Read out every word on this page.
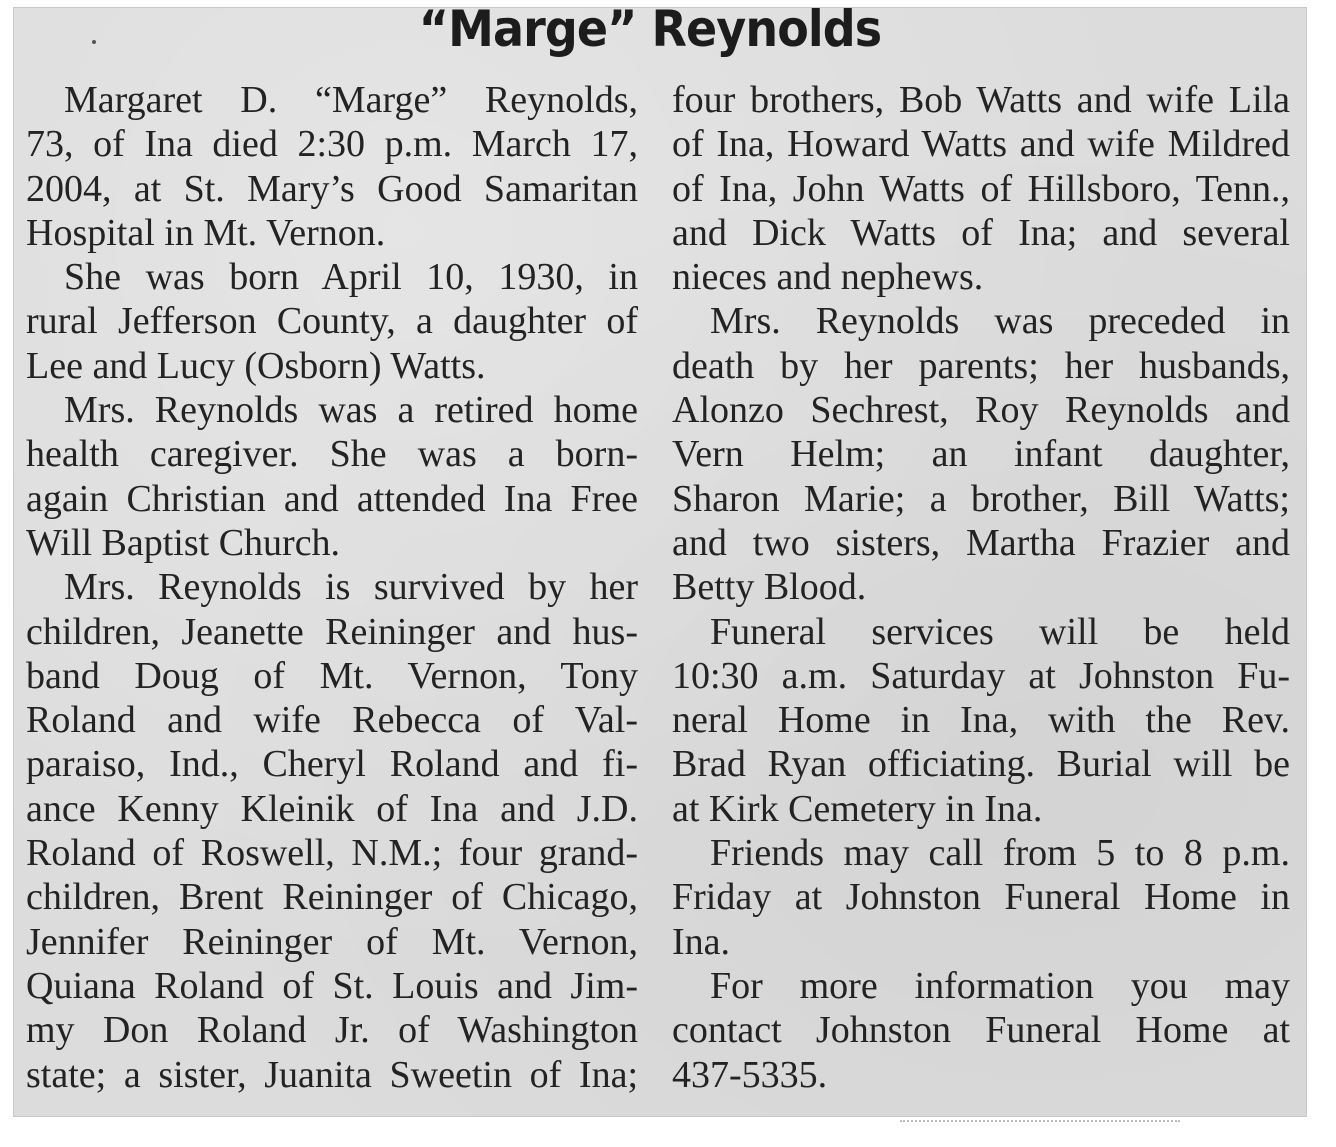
“Marge” Reynolds
Margaret D. “Marge” Reynolds,
73, of Ina died 2:30 p.m. March 17,
2004, at St. Mary’s Good Samaritan
Hospital in Mt. Vernon.
She was born April 10, 1930, in
rural Jefferson County, a daughter of
Lee and Lucy (Osborn) Watts.
Mrs. Reynolds was a retired home
health caregiver. She was a born-
again Christian and attended Ina Free
Will Baptist Church.
Mrs. Reynolds is survived by her
children, Jeanette Reininger and hus-
band Doug of Mt. Vernon, Tony
Roland and wife Rebecca of Val-
paraiso, Ind., Cheryl Roland and fi-
ance Kenny Kleinik of Ina and J.D.
Roland of Roswell, N.M.; four grand-
children, Brent Reininger of Chicago,
Jennifer Reininger of Mt. Vernon,
Quiana Roland of St. Louis and Jim-
my Don Roland Jr. of Washington
state; a sister, Juanita Sweetin of Ina;
four brothers, Bob Watts and wife Lila
of Ina, Howard Watts and wife Mildred
of Ina, John Watts of Hillsboro, Tenn.,
and Dick Watts of Ina; and several
nieces and nephews.
Mrs. Reynolds was preceded in
death by her parents; her husbands,
Alonzo Sechrest, Roy Reynolds and
Vern Helm; an infant daughter,
Sharon Marie; a brother, Bill Watts;
and two sisters, Martha Frazier and
Betty Blood.
Funeral services will be held
10:30 a.m. Saturday at Johnston Fu-
neral Home in Ina, with the Rev.
Brad Ryan officiating. Burial will be
at Kirk Cemetery in Ina.
Friends may call from 5 to 8 p.m.
Friday at Johnston Funeral Home in
Ina.
For more information you may
contact Johnston Funeral Home at
437-5335.
